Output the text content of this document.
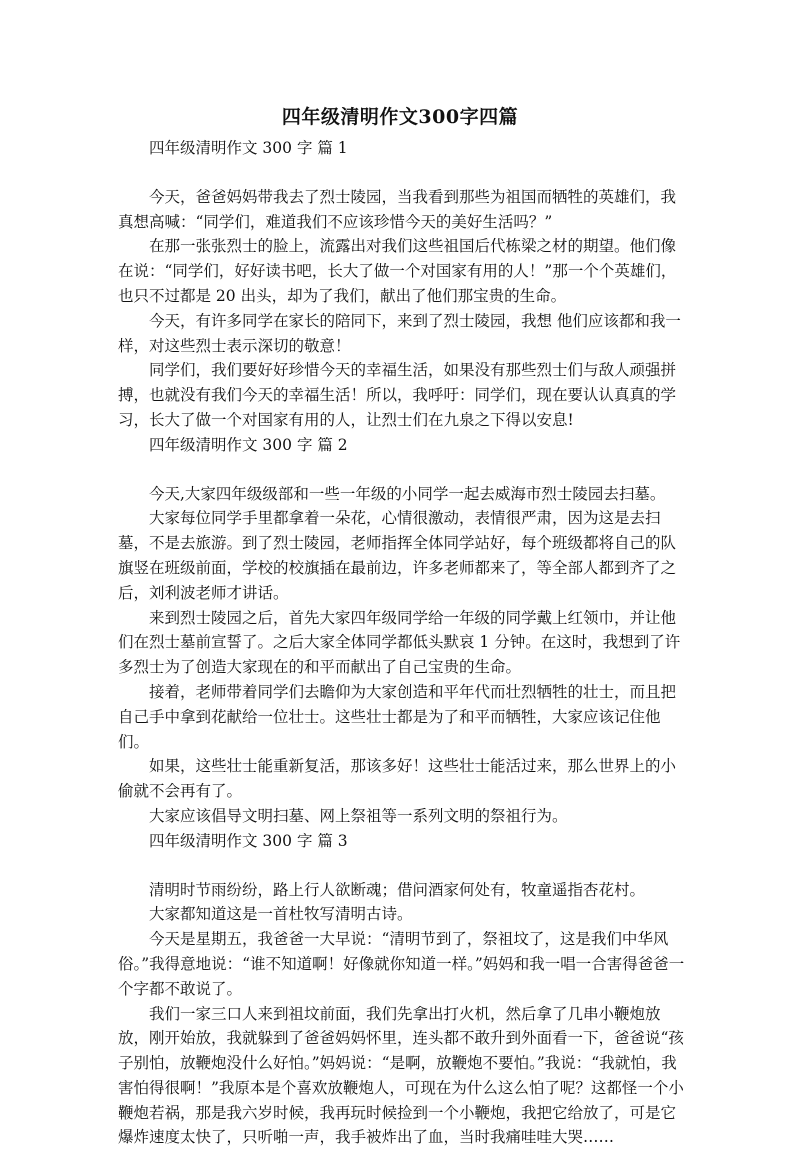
四年级清明作文300字四篇

四年级清明作文 300 字 篇 1

今天，爸爸妈妈带我去了烈士陵园，当我看到那些为祖国而牺牲的英雄们，我真想高喊：“同学们，难道我们不应该珍惜今天的美好生活吗？”

在那一张张烈士的脸上，流露出对我们这些祖国后代栋梁之材的期望。他们像在说：“同学们，好好读书吧，长大了做一个对国家有用的人！”那一个个英雄们，也只不过都是 20 出头，却为了我们，献出了他们那宝贵的生命。

今天，有许多同学在家长的陪同下，来到了烈士陵园，我想 他们应该都和我一样，对这些烈士表示深切的敬意！

同学们，我们要好好珍惜今天的幸福生活，如果没有那些烈士们与敌人顽强拼搏，也就没有我们今天的幸福生活！所以，我呼吁：同学们，现在要认认真真的学习，长大了做一个对国家有用的人，让烈士们在九泉之下得以安息!

四年级清明作文 300 字 篇 2

今天,大家四年级级部和一些一年级的小同学一起去威海市烈士陵园去扫墓。

大家每位同学手里都拿着一朵花，心情很激动，表情很严肃，因为这是去扫墓，不是去旅游。到了烈士陵园，老师指挥全体同学站好，每个班级都将自己的队旗竖在班级前面，学校的校旗插在最前边，许多老师都来了，等全部人都到齐了之后，刘利波老师才讲话。

来到烈士陵园之后，首先大家四年级同学给一年级的同学戴上红领巾，并让他们在烈士墓前宣誓了。之后大家全体同学都低头默哀 1 分钟。在这时，我想到了许多烈士为了创造大家现在的和平而献出了自己宝贵的生命。

接着，老师带着同学们去瞻仰为大家创造和平年代而壮烈牺牲的壮士，而且把自己手中拿到花献给一位壮士。这些壮士都是为了和平而牺牲，大家应该记住他们。

如果，这些壮士能重新复活，那该多好！这些壮士能活过来，那么世界上的小偷就不会再有了。

大家应该倡导文明扫墓、网上祭祖等一系列文明的祭祖行为。

四年级清明作文 300 字 篇 3

清明时节雨纷纷，路上行人欲断魂；借问酒家何处有，牧童遥指杏花村。

大家都知道这是一首杜牧写清明古诗。

今天是星期五，我爸爸一大早说：“清明节到了，祭祖坟了，这是我们中华风俗。”我得意地说：“谁不知道啊！好像就你知道一样。”妈妈和我一唱一合害得爸爸一个字都不敢说了。

我们一家三口人来到祖坟前面，我们先拿出打火机，然后拿了几串小鞭炮放放，刚开始放，我就躲到了爸爸妈妈怀里，连头都不敢升到外面看一下，爸爸说“孩子别怕，放鞭炮没什么好怕。”妈妈说：“是啊，放鞭炮不要怕。”我说：“我就怕，我害怕得很啊！”我原本是个喜欢放鞭炮人，可现在为什么这么怕了呢？这都怪一个小鞭炮若祸，那是我六岁时候，我再玩时候捡到一个小鞭炮，我把它给放了，可是它爆炸速度太快了，只听啪一声，我手被炸出了血，当时我痛哇哇大哭……
